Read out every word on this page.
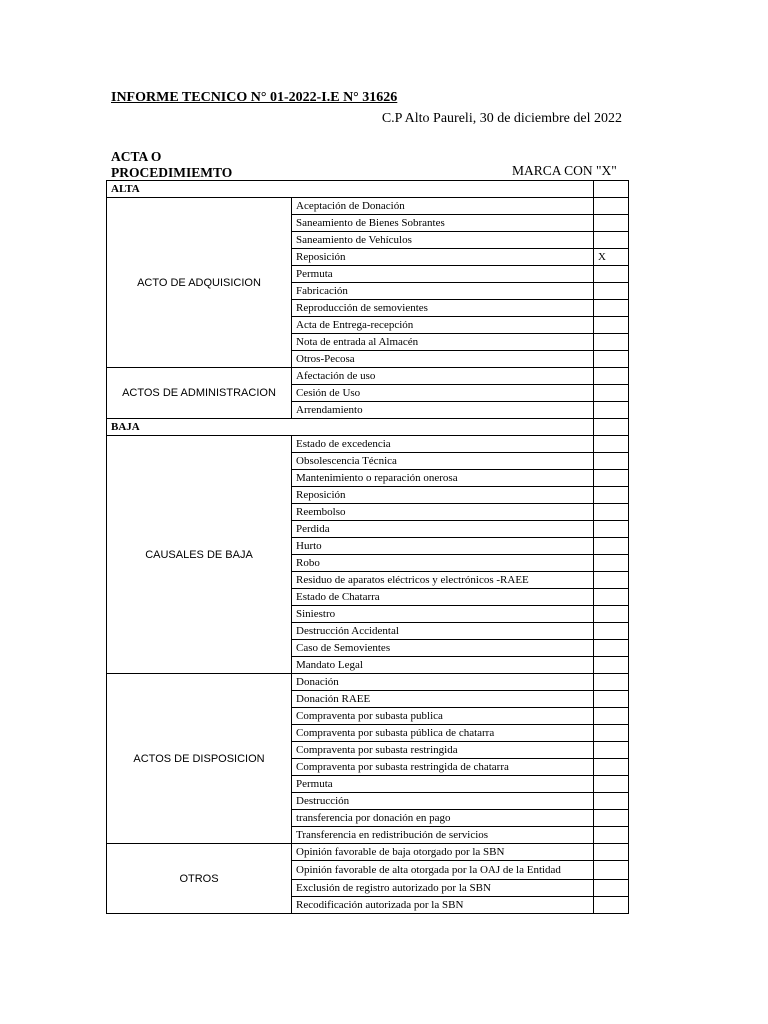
INFORME TECNICO N° 01-2022-I.E N° 31626
C.P Alto Paureli, 30 de diciembre del 2022
ACTA O
PROCEDIMIEMTO	MARCA CON "X"
ALTA		
ACTO DE ADQUISICION	Aceptación de Donación	
	Saneamiento de Bienes Sobrantes	
	Saneamiento de Vehículos	
	Reposición	X
	Permuta	
	Fabricación	
	Reproducción de semovientes	
	Acta de Entrega-recepción	
	Nota de entrada al Almacén	
	Otros-Pecosa	
ACTOS DE ADMINISTRACION	Afectación de uso	
	Cesión de Uso	
	Arrendamiento	
BAJA		
CAUSALES DE BAJA	Estado de excedencia	
	Obsolescencia Técnica	
	Mantenimiento o reparación onerosa	
	Reposición	
	Reembolso	
	Perdida	
	Hurto	
	Robo	
	Residuo de aparatos eléctricos y electrónicos -RAEE	
	Estado de Chatarra	
	Siniestro	
	Destrucción Accidental	
	Caso de Semovientes	
	Mandato Legal	
ACTOS DE DISPOSICION	Donación	
	Donación RAEE	
	Compraventa por subasta publica	
	Compraventa por subasta pública de chatarra	
	Compraventa por subasta restringida	
	Compraventa por subasta restringida de chatarra	
	Permuta	
	Destrucción	
	transferencia por donación en pago	
	Transferencia en redistribución de servicios	
OTROS	Opinión favorable de baja otorgado por la SBN	
	Opinión favorable de alta otorgada por la OAJ de la Entidad	
	Exclusión de registro autorizado por la SBN	
	Recodificación autorizada por la SBN	
